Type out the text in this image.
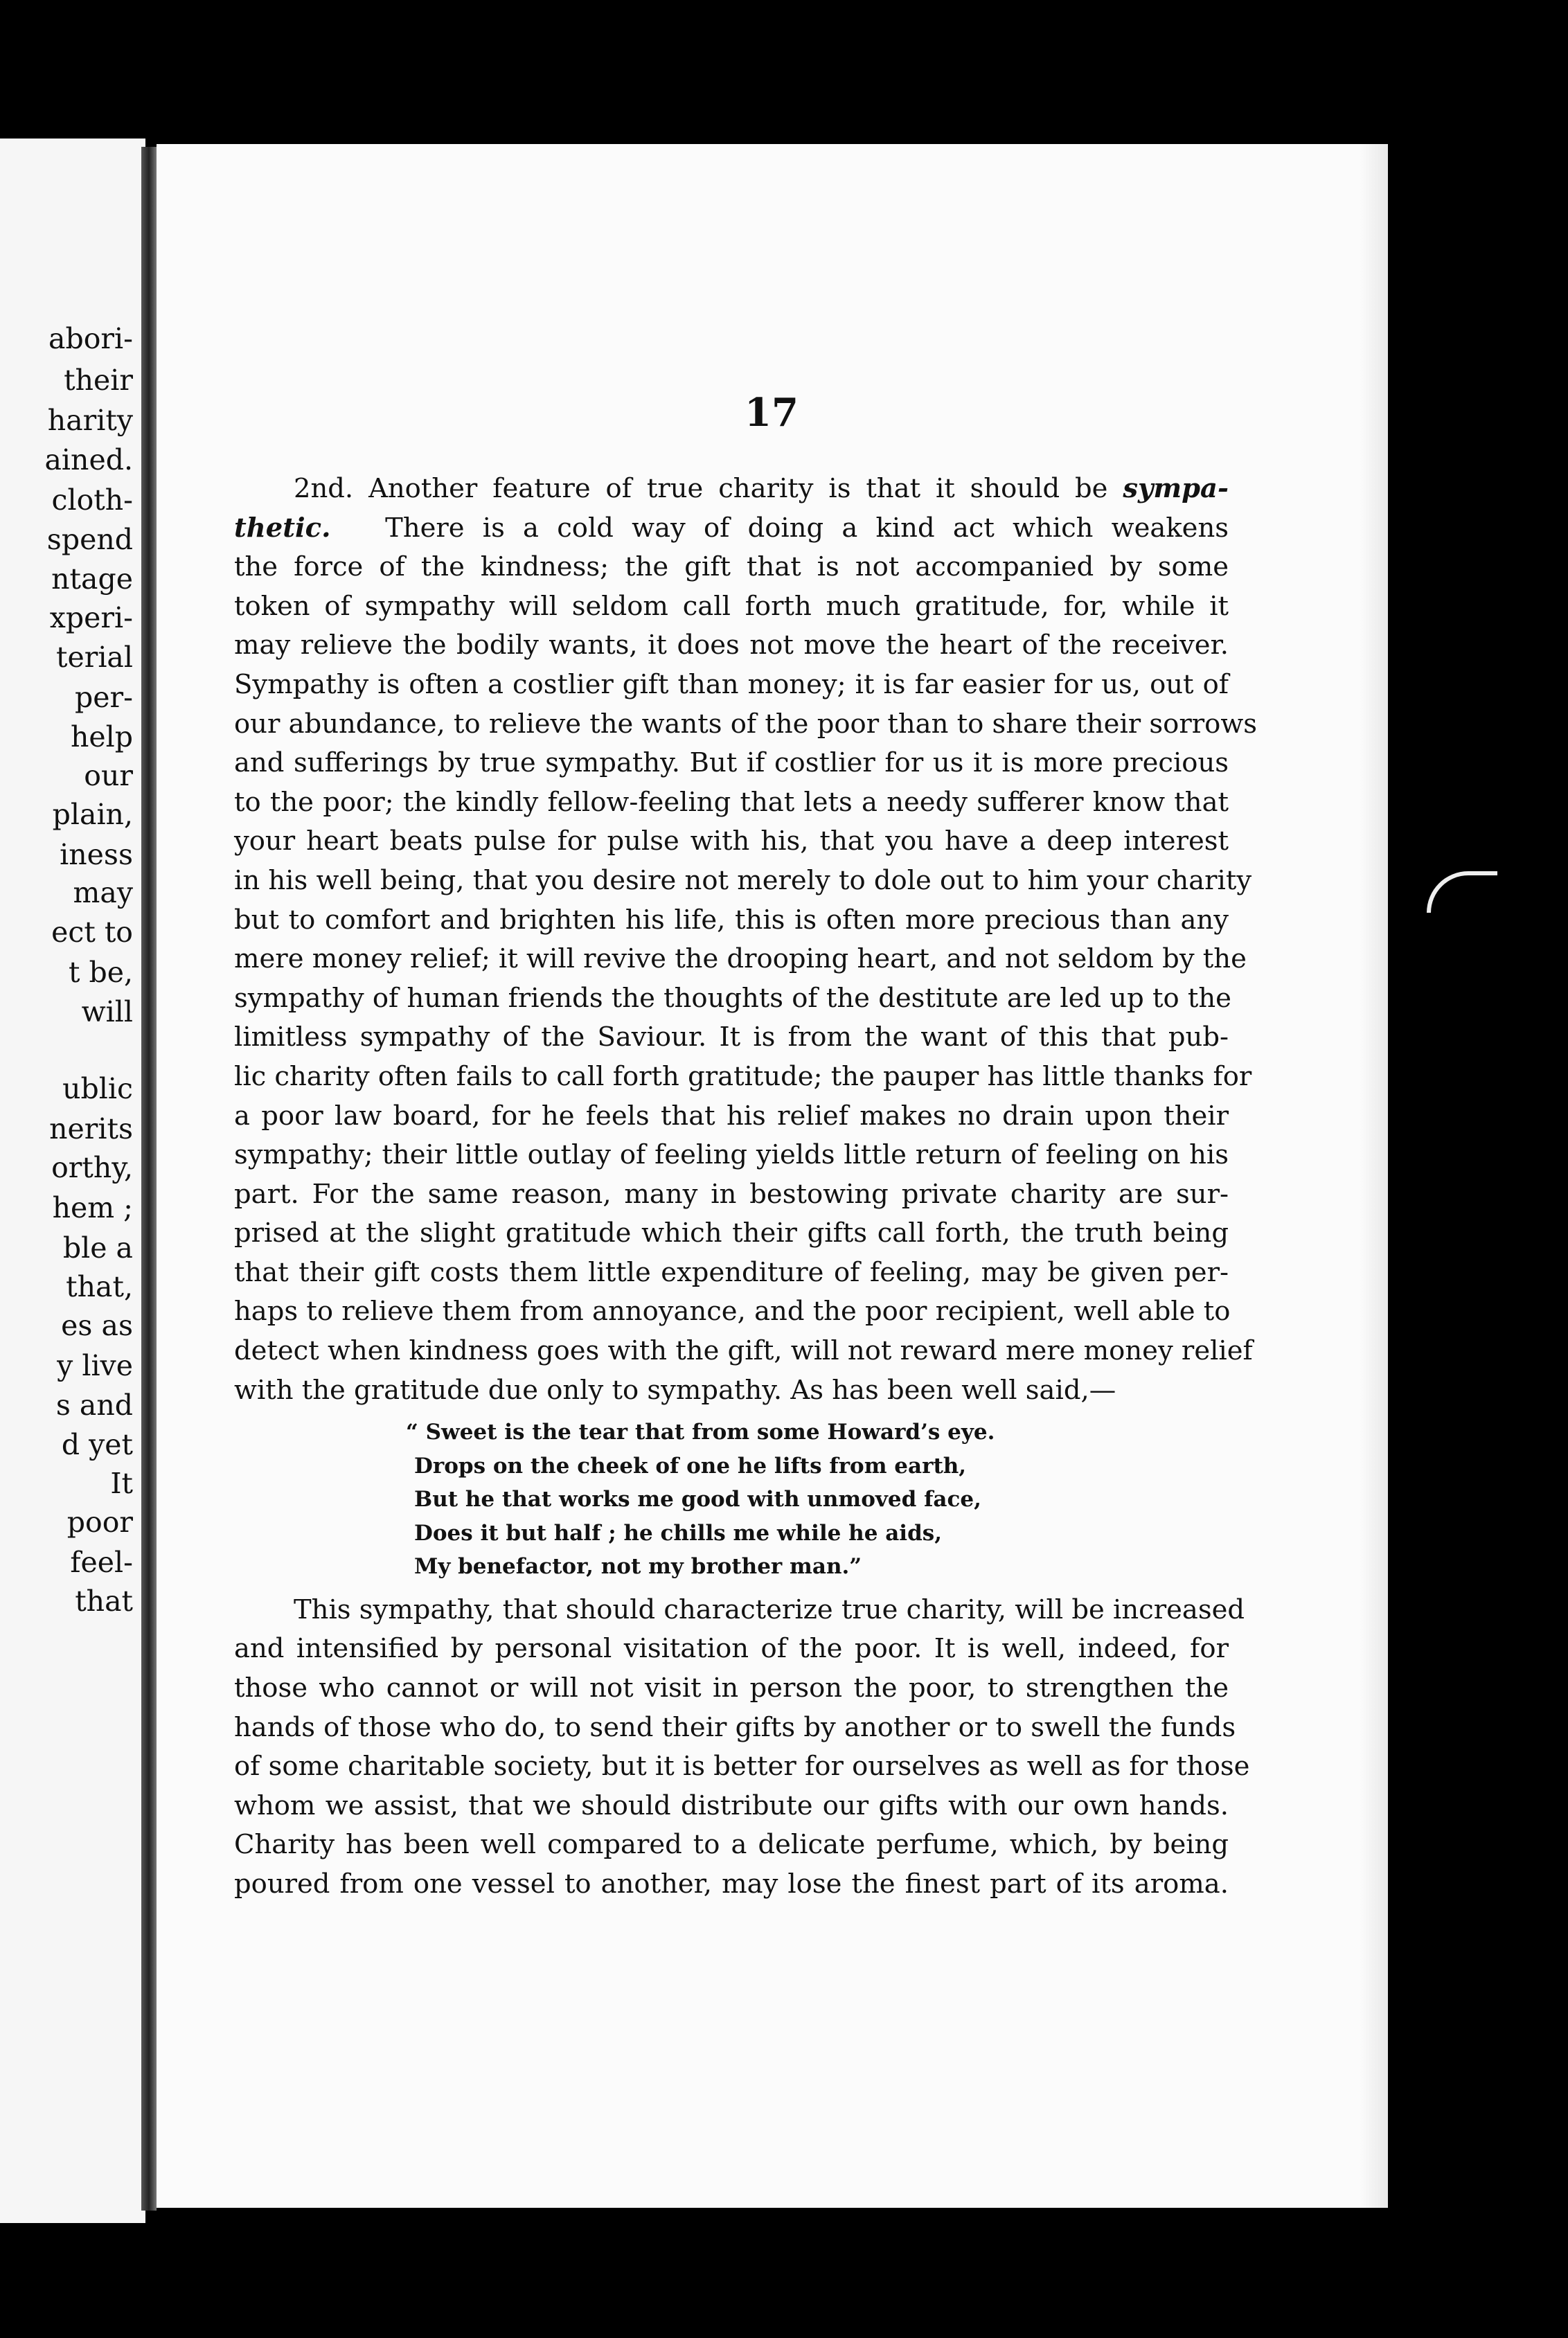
abori-
their
harity
ained.
cloth-
spend
ntage
xperi-
terial
per-
help
our
plain,
iness
may
ect to
t be,
will
ublic
nerits
orthy,
hem ;
ble a
that,
es as
y live
s and
d yet
It
poor
feel-
that
17
2nd. Another feature of true charity is that it should be sympa-
thetic. There is a cold way of doing a kind act which weakens
the force of the kindness; the gift that is not accompanied by some
token of sympathy will seldom call forth much gratitude, for, while it
may relieve the bodily wants, it does not move the heart of the receiver.
Sympathy is often a costlier gift than money; it is far easier for us, out of
our abundance, to relieve the wants of the poor than to share their sorrows
and sufferings by true sympathy. But if costlier for us it is more precious
to the poor; the kindly fellow-feeling that lets a needy sufferer know that
your heart beats pulse for pulse with his, that you have a deep interest
in his well being, that you desire not merely to dole out to him your charity
but to comfort and brighten his life, this is often more precious than any
mere money relief; it will revive the drooping heart, and not seldom by the
sympathy of human friends the thoughts of the destitute are led up to the
limitless sympathy of the Saviour. It is from the want of this that pub-
lic charity often fails to call forth gratitude; the pauper has little thanks for
a poor law board, for he feels that his relief makes no drain upon their
sympathy; their little outlay of feeling yields little return of feeling on his
part. For the same reason, many in bestowing private charity are sur-
prised at the slight gratitude which their gifts call forth, the truth being
that their gift costs them little expenditure of feeling, may be given per-
haps to relieve them from annoyance, and the poor recipient, well able to
detect when kindness goes with the gift, will not reward mere money relief
with the gratitude due only to sympathy. As has been well said,—
“ Sweet is the tear that from some Howard’s eye.
Drops on the cheek of one he lifts from earth,
But he that works me good with unmoved face,
Does it but half ; he chills me while he aids,
My benefactor, not my brother man.”
This sympathy, that should characterize true charity, will be increased
and intensified by personal visitation of the poor. It is well, indeed, for
those who cannot or will not visit in person the poor, to strengthen the
hands of those who do, to send their gifts by another or to swell the funds
of some charitable society, but it is better for ourselves as well as for those
whom we assist, that we should distribute our gifts with our own hands.
Charity has been well compared to a delicate perfume, which, by being
poured from one vessel to another, may lose the finest part of its aroma.
